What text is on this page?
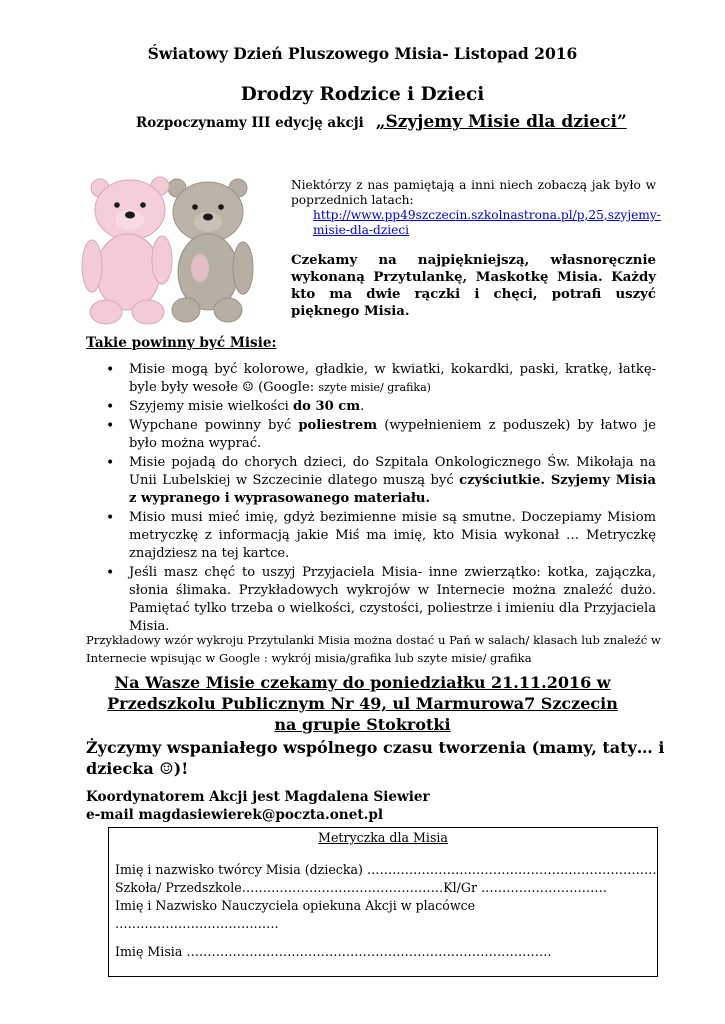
Światowy Dzień Pluszowego Misia- Listopad 2016
Drodzy Rodzice i Dzieci
Rozpoczynamy III edycję akcji „Szyjemy Misie dla dzieci”
Niektórzy z nas pamiętają a inni niech zobaczą jak było w poprzednich latach:
http://www.pp49szczecin.szkolnastrona.pl/p,25,szyjemy-misie-dla-dzieci
Czekamy na najpiękniejszą, własnoręcznie wykonaną Przytulankę, Maskotkę Misia. Każdy kto ma dwie rączki i chęci, potrafi uszyć pięknego Misia.
Takie powinny być Misie:
• Misie mogą być kolorowe, gładkie, w kwiatki, kokardki, paski, kratkę, łatkę- byle były wesołe ☺ (Google: szyte misie/ grafika)
• Szyjemy misie wielkości do 30 cm.
• Wypchane powinny być poliestrem (wypełnieniem z poduszek) by łatwo je było można wyprać.
• Misie pojadą do chorych dzieci, do Szpitala Onkologicznego Św. Mikołaja na Unii Lubelskiej w Szczecinie dlatego muszą być czyściutkie. Szyjemy Misia z wypranego i wyprasowanego materiału.
• Misio musi mieć imię, gdyż bezimienne misie są smutne. Doczepiamy Misiom metryczkę z informacją jakie Miś ma imię, kto Misia wykonał … Metryczkę znajdziesz na tej kartce.
• Jeśli masz chęć to uszyj Przyjaciela Misia- inne zwierzątko: kotka, zajączka, słonia ślimaka. Przykładowych wykrojów w Internecie można znaleźć dużo. Pamiętać tylko trzeba o wielkości, czystości, poliestrze i imieniu dla Przyjaciela Misia.
Przykładowy wzór wykroju Przytulanki Misia można dostać u Pań w salach/ klasach lub znaleźć w Internecie wpisując w Google : wykrój misia/grafika lub szyte misie/ grafika
Na Wasze Misie czekamy do poniedziałku 21.11.2016 w
Przedszkolu Publicznym Nr 49, ul Marmurowa7 Szczecin
na grupie Stokrotki
Życzymy wspaniałego wspólnego czasu tworzenia (mamy, taty… i dziecka ☺)!
Koordynatorem Akcji jest Magdalena Siewier
e-mail magdasiewierek@poczta.onet.pl
Metryczka dla Misia
Imię i nazwisko twórcy Misia (dziecka) ……………………………………………………………
Szkoła/ Przedszkole…………………………………………Kl/Gr …………………………
Imię i Nazwisko Nauczyciela opiekuna Akcji w placówce
…………………………………
Imię Misia ……………………………………………………………………………
